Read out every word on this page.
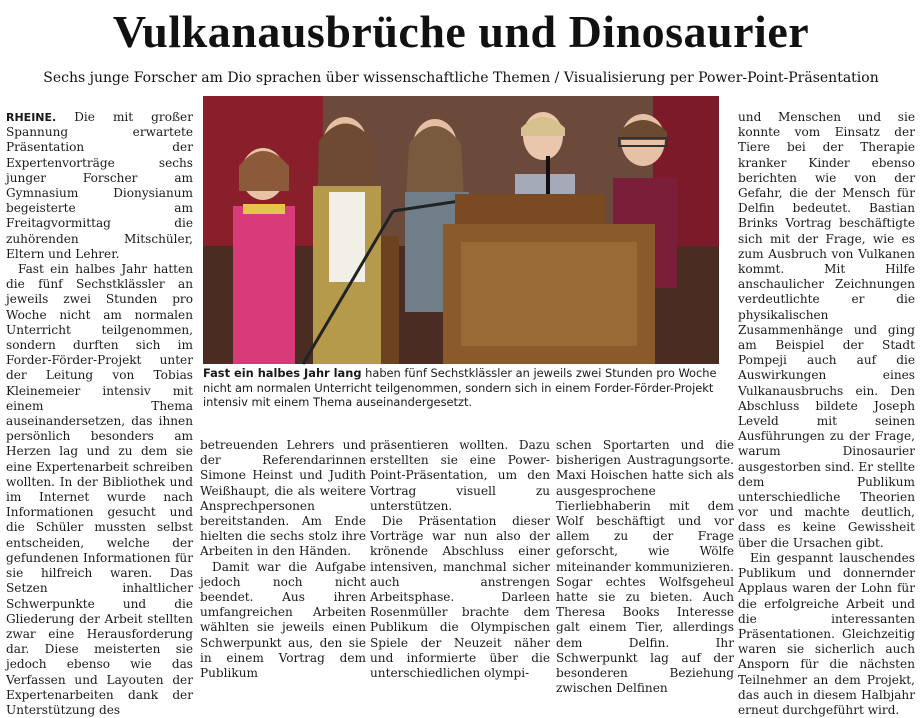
Vulkanausbrüche und Dinosaurier
Sechs junge Forscher am Dio sprachen über wissenschaftliche Themen / Visualisierung per Power-Point-Präsentation

RHEINE. Die mit großer Spannung erwartete Präsentation der Expertenvorträge sechs junger Forscher am Gymnasium Dionysianum begeisterte am Freitagvormittag die zuhörenden Mitschüler, Eltern und Lehrer.

Fast ein halbes Jahr hatten die fünf Sechstklässler an jeweils zwei Stunden pro Woche nicht am normalen Unterricht teilgenommen, sondern durften sich im Forder-Förder-Projekt unter der Leitung von Tobias Kleinemeier intensiv mit einem Thema auseinandersetzen, das ihnen persönlich besonders am Herzen lag und zu dem sie eine Expertenarbeit schreiben wollten. In der Bibliothek und im Internet wurde nach Informationen gesucht und die Schüler mussten selbst entscheiden, welche der gefundenen Informationen für sie hilfreich waren. Das Setzen inhaltlicher Schwerpunkte und die Gliederung der Arbeit stellten zwar eine Herausforderung dar. Diese meisterten sie jedoch ebenso wie das Verfassen und Layouten der Expertenarbeiten dank der Unterstützung des

Fast ein halbes Jahr lang haben fünf Sechstklässler an jeweils zwei Stunden pro Woche nicht am normalen Unterricht teilgenommen, sondern sich in einem Forder-Förder-Projekt intensiv mit einem Thema auseinandergesetzt.

betreuenden Lehrers und der Referendarinnen Simone Heinst und Judith Weißhaupt, die als weitere Ansprechpersonen bereitstanden. Am Ende hielten die sechs stolz ihre Arbeiten in den Händen.

Damit war die Aufgabe jedoch noch nicht beendet. Aus ihren umfangreichen Arbeiten wählten sie jeweils einen Schwerpunkt aus, den sie in einem Vortrag dem Publikum

präsentieren wollten. Dazu erstellten sie eine Power-Point-Präsentation, um den Vortrag visuell zu unterstützen.

Die Präsentation dieser Vorträge war nun also der krönende Abschluss einer intensiven, manchmal sicher auch anstrengen Arbeitsphase. Darleen Rosenmüller brachte dem Publikum die Olympischen Spiele der Neuzeit näher und informierte über die unterschiedlichen olympi-

schen Sportarten und die bisherigen Austragungsorte. Maxi Hoischen hatte sich als ausgesprochene Tierliebhaberin mit dem Wolf beschäftigt und vor allem zu der Frage geforscht, wie Wölfe miteinander kommunizieren. Sogar echtes Wolfsgeheul hatte sie zu bieten. Auch Theresa Books Interesse galt einem Tier, allerdings dem Delfin. Ihr Schwerpunkt lag auf der besonderen Beziehung zwischen Delfinen

und Menschen und sie konnte vom Einsatz der Tiere bei der Therapie kranker Kinder ebenso berichten wie von der Gefahr, die der Mensch für Delfin bedeutet. Bastian Brinks Vortrag beschäftigte sich mit der Frage, wie es zum Ausbruch von Vulkanen kommt. Mit Hilfe anschaulicher Zeichnungen verdeutlichte er die physikalischen Zusammenhänge und ging am Beispiel der Stadt Pompeji auch auf die Auswirkungen eines Vulkanausbruchs ein. Den Abschluss bildete Joseph Leveld mit seinen Ausführungen zu der Frage, warum Dinosaurier ausgestorben sind. Er stellte dem Publikum unterschiedliche Theorien vor und machte deutlich, dass es keine Gewissheit über die Ursachen gibt.

Ein gespannt lauschendes Publikum und donnernder Applaus waren der Lohn für die erfolgreiche Arbeit und die interessanten Präsentationen. Gleichzeitig waren sie sicherlich auch Ansporn für die nächsten Teilnehmer an dem Projekt, das auch in diesem Halbjahr erneut durchgeführt wird.
